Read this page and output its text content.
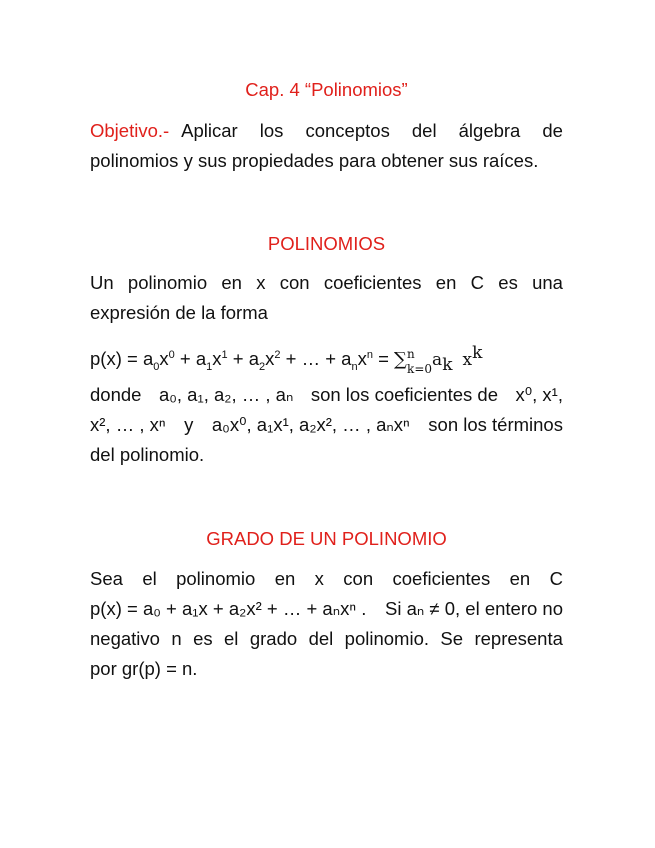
Cap. 4 “Polinomios”

Objetivo.- Aplicar los conceptos del álgebra de

polinomios y sus propiedades para obtener sus raíces.

POLINOMIOS

Un polinomio en x con coeficientes en C es una

expresión de la forma

$p(x) = a_0x^0 + a_1x^1 + a_2x^2$ + … + $a_nx^n$ = ∑ n
k=0 $a_k$ $x^k$

donde a₀, a₁, a₂, … , aₙ son los coeficientes de x⁰, x¹,

x², … , xⁿ y a₀x⁰, a₁x¹, a₂x², … , aₙxⁿ son los términos

del polinomio.

GRADO DE UN POLINOMIO

Sea el polinomio en x con coeficientes en C

p(x) = a₀ + a₁x + a₂x² + … + aₙxⁿ . Si aₙ ≠ 0, el entero no

negativo n es el grado del polinomio. Se representa

por gr(p) = n.
